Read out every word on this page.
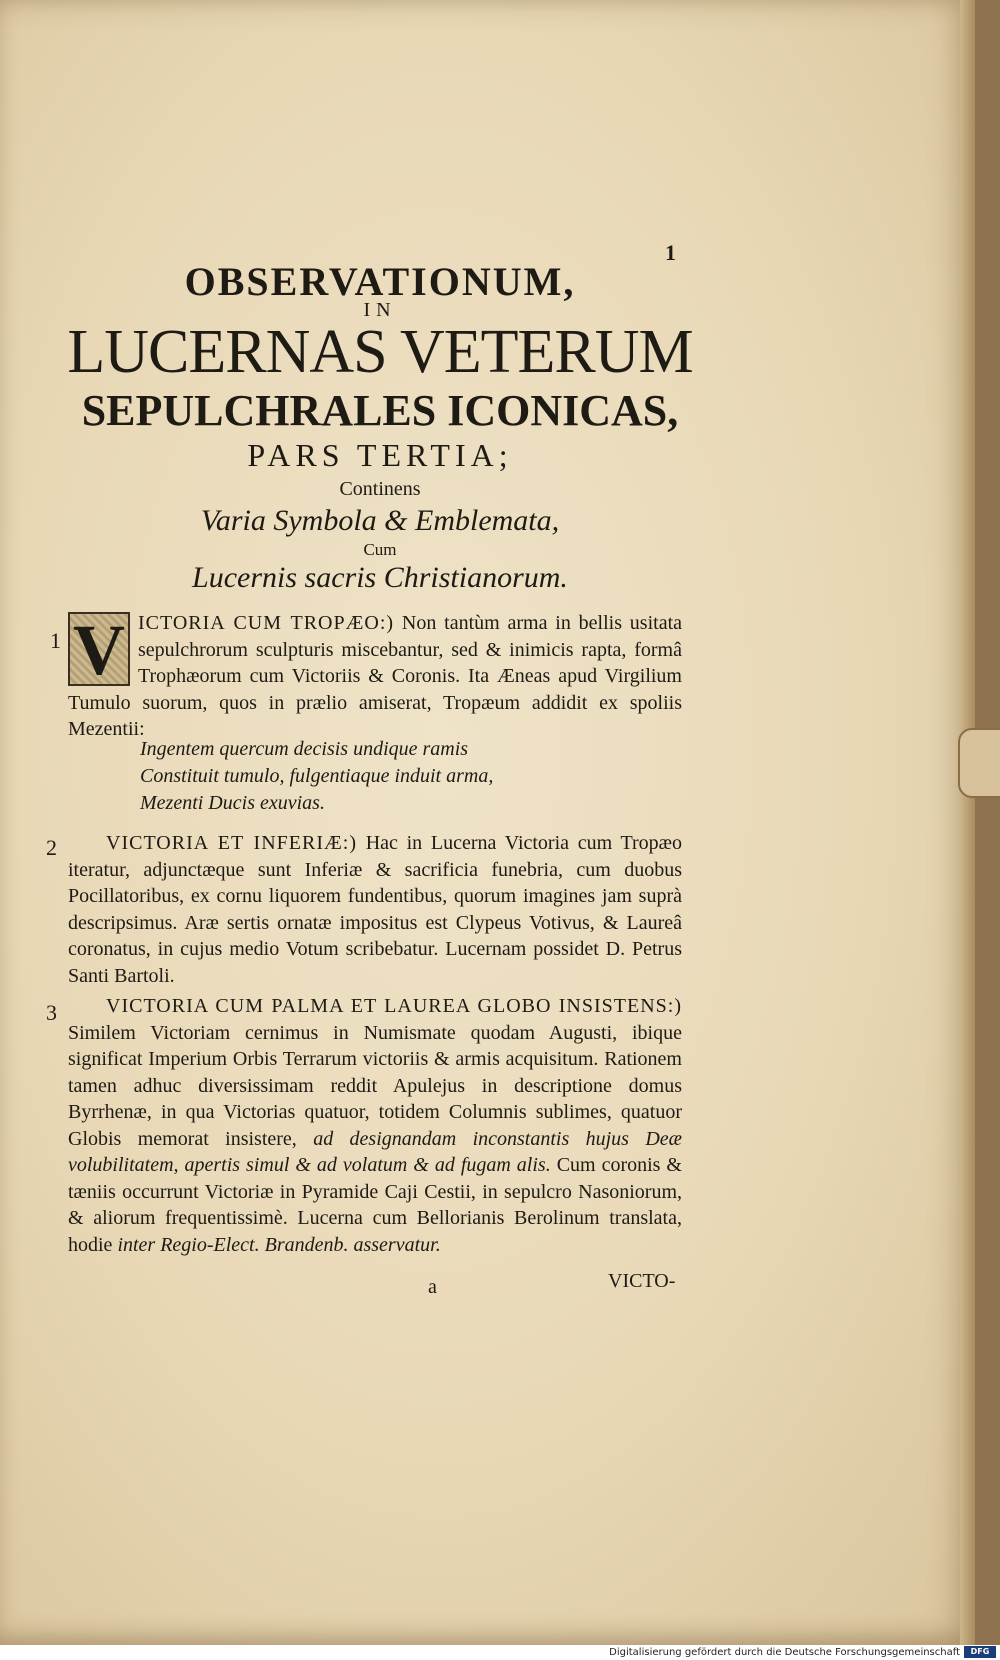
1
OBSERVATIONUM,
IN
LUCERNAS VETERUM
SEPULCHRALES ICONICAS,
PARS TERTIA;
Continens
Varia Symbola & Emblemata,
Cum
Lucernis sacris Christianorum.
1 V ICTORIA CUM TROPÆO:) Non tantùm arma in bellis usitata sepulchrorum sculpturis miscebantur, sed & inimicis rapta, formâ Trophæorum cum Victoriis & Coronis. Ita Æneas apud Virgilium Tumulo suorum, quos in prælio amiserat, Tropæum addidit ex spoliis Mezentii:
Ingentem quercum decisis undique ramis
Constituit tumulo, fulgentiaque induit arma,
Mezenti Ducis exuvias.
2	VICTORIA ET INFERIÆ:) Hac in Lucerna Victoria cum Tropæo iteratur, adjunctæque sunt Inferiæ & sacrificia funebria, cum duobus Pocillatoribus, ex cornu liquorem fundentibus, quorum imagines jam suprà descripsimus. Aræ sertis ornatæ impositus est Clypeus Votivus, & Laureâ coronatus, in cujus medio Votum scribebatur. Lucernam possidet D. Petrus Santi Bartoli.
3	VICTORIA CUM PALMA ET LAUREA GLOBO INSISTENS:) Similem Victoriam cernimus in Numismate quodam Augusti, ibique significat Imperium Orbis Terrarum victoriis & armis acquisitum. Rationem tamen adhuc diversissimam reddit Apulejus in descriptione domus Byrrhenæ, in qua Victorias quatuor, totidem Columnis sublimes, quatuor Globis memorat insistere, ad designandam inconstantis hujus Deæ volubilitatem, apertis simul & ad volatum & ad fugam alis. Cum coronis & tæniis occurrunt Victoriæ in Pyramide Caji Cestii, in sepulcro Nasoniorum, & aliorum frequentissimè. Lucerna cum Bellorianis Berolinum translata, hodie inter Regio-Elect. Brandenb. asservatur.
a	VICTO-
Digitalisierung gefördert durch die Deutsche Forschungsgemeinschaft	DFG
